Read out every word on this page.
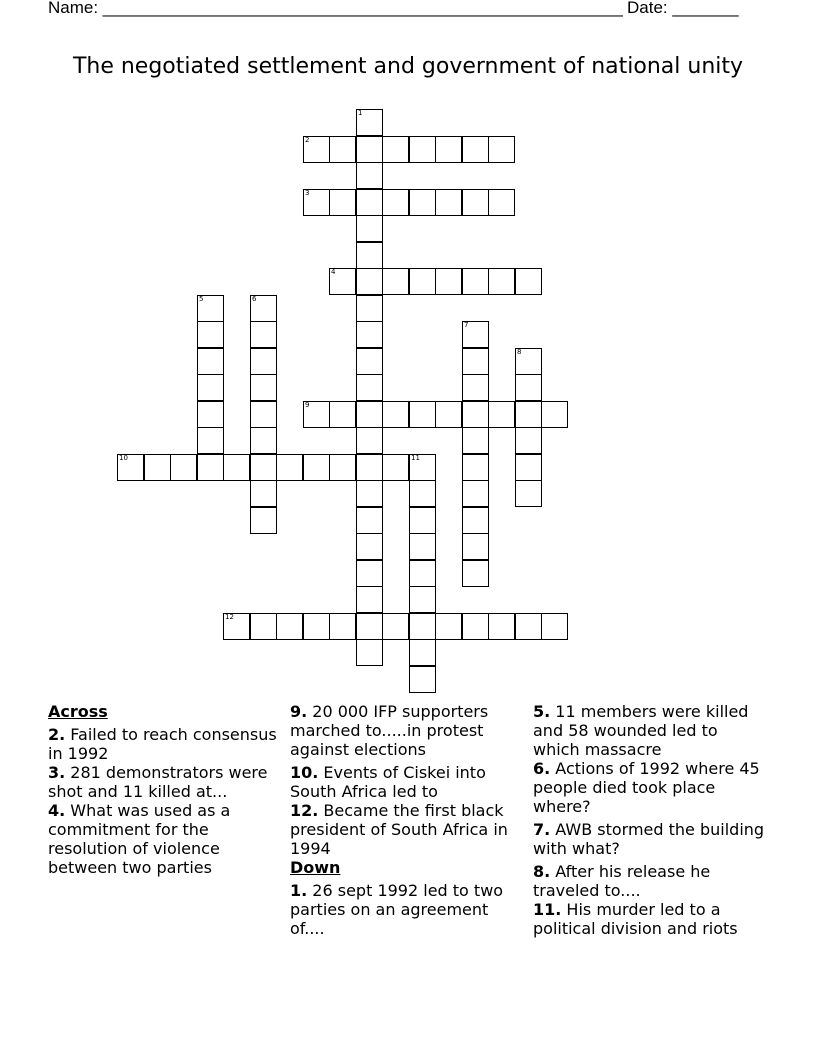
Name: _______________________________________________________ Date: _______
The negotiated settlement and government of national unity
1
2
3
4
5	6
7
8
9
10	11
12
Across

2. Failed to reach consensus in 1992

3. 281 demonstrators were shot and 11 killed at...

4. What was used as a commitment for the resolution of violence between two parties

9. 20 000 IFP supporters marched to.....in protest against elections

10. Events of Ciskei into South Africa led to

12. Became the first black president of South Africa in 1994

Down

1. 26 sept 1992 led to two parties on an agreement of....

5. 11 members were killed and 58 wounded led to which massacre

6. Actions of 1992 where 45 people died took place where?

7. AWB stormed the building with what?

8. After his release he traveled to....

11. His murder led to a political division and riots
